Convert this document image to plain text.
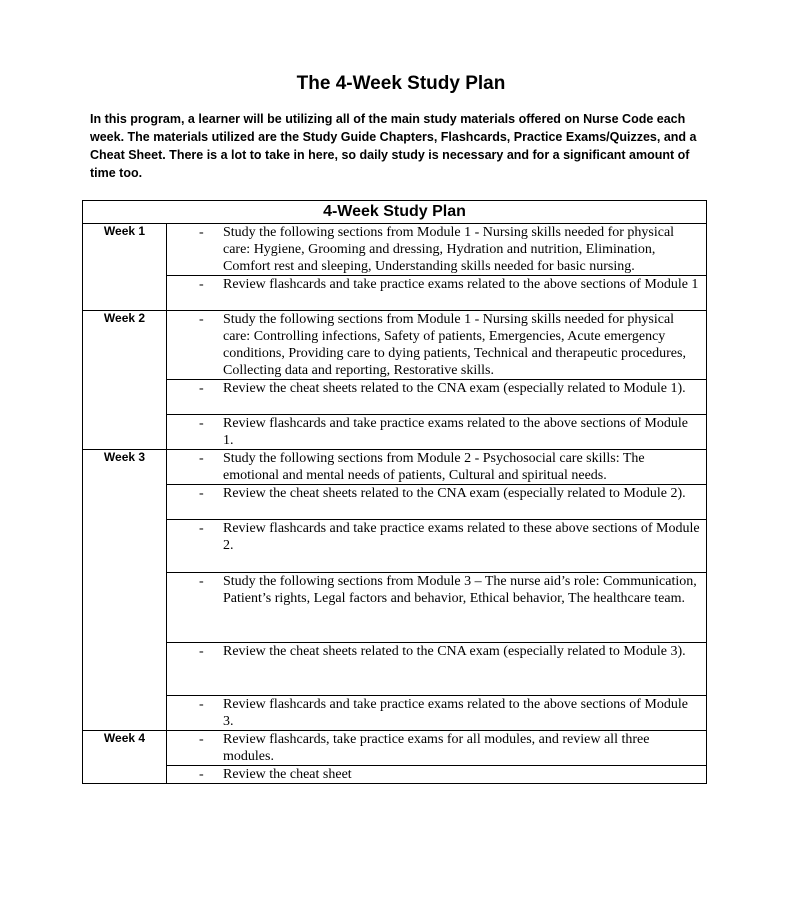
The 4-Week Study Plan
In this program, a learner will be utilizing all of the main study materials offered on Nurse Code each week. The materials utilized are the Study Guide Chapters, Flashcards, Practice Exams/Quizzes, and a Cheat Sheet. There is a lot to take in here, so daily study is necessary and for a significant amount of time too.
4-Week Study Plan	
Week 1	- Study the following sections from Module 1 - Nursing skills needed for physical care: Hygiene, Grooming and dressing, Hydration and nutrition, Elimination, Comfort rest and sleeping, Understanding skills needed for basic nursing.

	- Review flashcards and take practice exams related to the above sections of Module 1

Week 2	- Study the following sections from Module 1 - Nursing skills needed for physical care: Controlling infections, Safety of patients, Emergencies, Acute emergency conditions, Providing care to dying patients, Technical and therapeutic procedures, Collecting data and reporting, Restorative skills.

	- Review the cheat sheets related to the CNA exam (especially related to Module 1).

	- Review flashcards and take practice exams related to the above sections of Module 1.

Week 3	- Study the following sections from Module 2 - Psychosocial care skills: The emotional and mental needs of patients, Cultural and spiritual needs.

	- Review the cheat sheets related to the CNA exam (especially related to Module 2).

	- Review flashcards and take practice exams related to these above sections of Module 2.

	- Study the following sections from Module 3 – The nurse aid’s role: Communication, Patient’s rights, Legal factors and behavior, Ethical behavior, The healthcare team.

	- Review the cheat sheets related to the CNA exam (especially related to Module 3).

	- Review flashcards and take practice exams related to the above sections of Module 3.

Week 4	- Review flashcards, take practice exams for all modules, and review all three modules.

	- Review the cheat sheet
